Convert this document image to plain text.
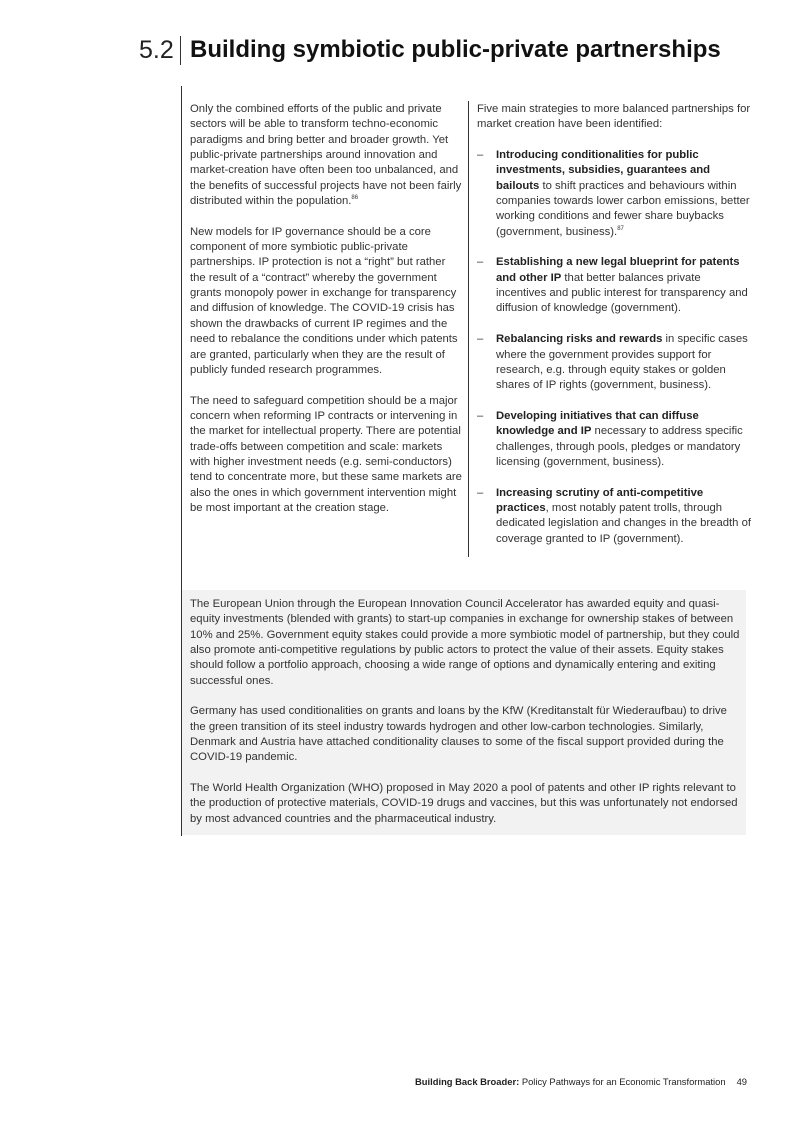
5.2 Building symbiotic public-private partnerships

Only the combined efforts of the public and private sectors will be able to transform techno-economic paradigms and bring better and broader growth. Yet public-private partnerships around innovation and market-creation have often been too unbalanced, and the benefits of successful projects have not been fairly distributed within the population.$^{86}$

New models for IP governance should be a core component of more symbiotic public-private partnerships. IP protection is not a “right” but rather the result of a “contract” whereby the government grants monopoly power in exchange for transparency and diffusion of knowledge. The COVID-19 crisis has shown the drawbacks of current IP regimes and the need to rebalance the conditions under which patents are granted, particularly when they are the result of publicly funded research programmes.

The need to safeguard competition should be a major concern when reforming IP contracts or intervening in the market for intellectual property. There are potential trade-offs between competition and scale: markets with higher investment needs (e.g. semi-conductors) tend to concentrate more, but these same markets are also the ones in which government intervention might be most important at the creation stage.

Five main strategies to more balanced partnerships for market creation have been identified:

– Introducing conditionalities for public investments, subsidies, guarantees and bailouts to shift practices and behaviours within companies towards lower carbon emissions, better working conditions and fewer share buybacks (government, business).$^{87}$
– Establishing a new legal blueprint for patents and other IP that better balances private incentives and public interest for transparency and diffusion of knowledge (government).
– Rebalancing risks and rewards in specific cases where the government provides support for research, e.g. through equity stakes or golden shares of IP rights (government, business).
– Developing initiatives that can diffuse knowledge and IP necessary to address specific challenges, through pools, pledges or mandatory licensing (government, business).
– Increasing scrutiny of anti-competitive practices, most notably patent trolls, through dedicated legislation and changes in the breadth of coverage granted to IP (government).

The European Union through the European Innovation Council Accelerator has awarded equity and quasi-equity investments (blended with grants) to start-up companies in exchange for ownership stakes of between 10% and 25%. Government equity stakes could provide a more symbiotic model of partnership, but they could also promote anti-competitive regulations by public actors to protect the value of their assets. Equity stakes should follow a portfolio approach, choosing a wide range of options and dynamically entering and exiting successful ones.

Germany has used conditionalities on grants and loans by the KfW (Kreditanstalt für Wiederaufbau) to drive the green transition of its steel industry towards hydrogen and other low-carbon technologies. Similarly, Denmark and Austria have attached conditionality clauses to some of the fiscal support provided during the COVID-19 pandemic.

The World Health Organization (WHO) proposed in May 2020 a pool of patents and other IP rights relevant to the production of protective materials, COVID-19 drugs and vaccines, but this was unfortunately not endorsed by most advanced countries and the pharmaceutical industry.

Building Back Broader: Policy Pathways for an Economic Transformation 49
